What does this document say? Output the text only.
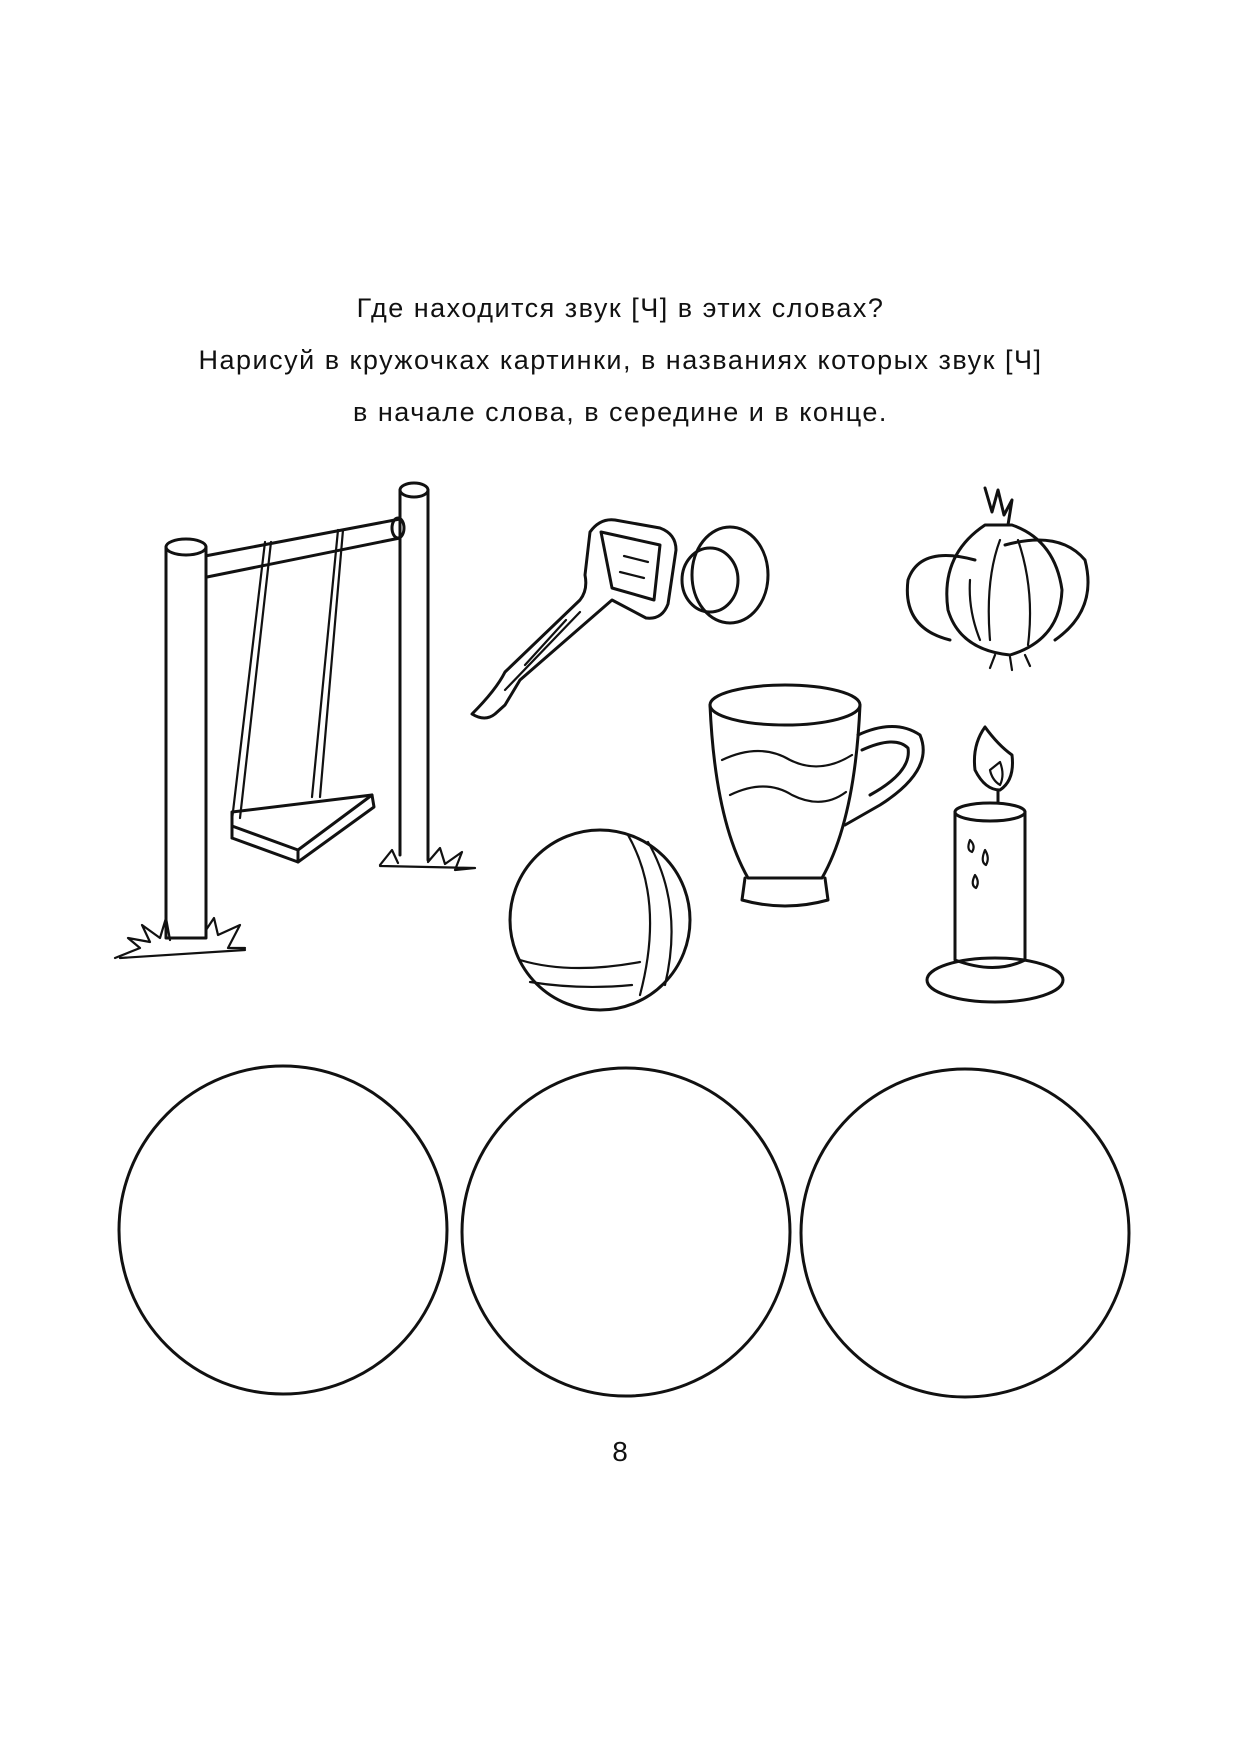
Где находится звук [Ч] в этих словах?
Нарисуй в кружочках картинки, в названиях которых звук [Ч]
в начале слова, в середине и в конце.
8
